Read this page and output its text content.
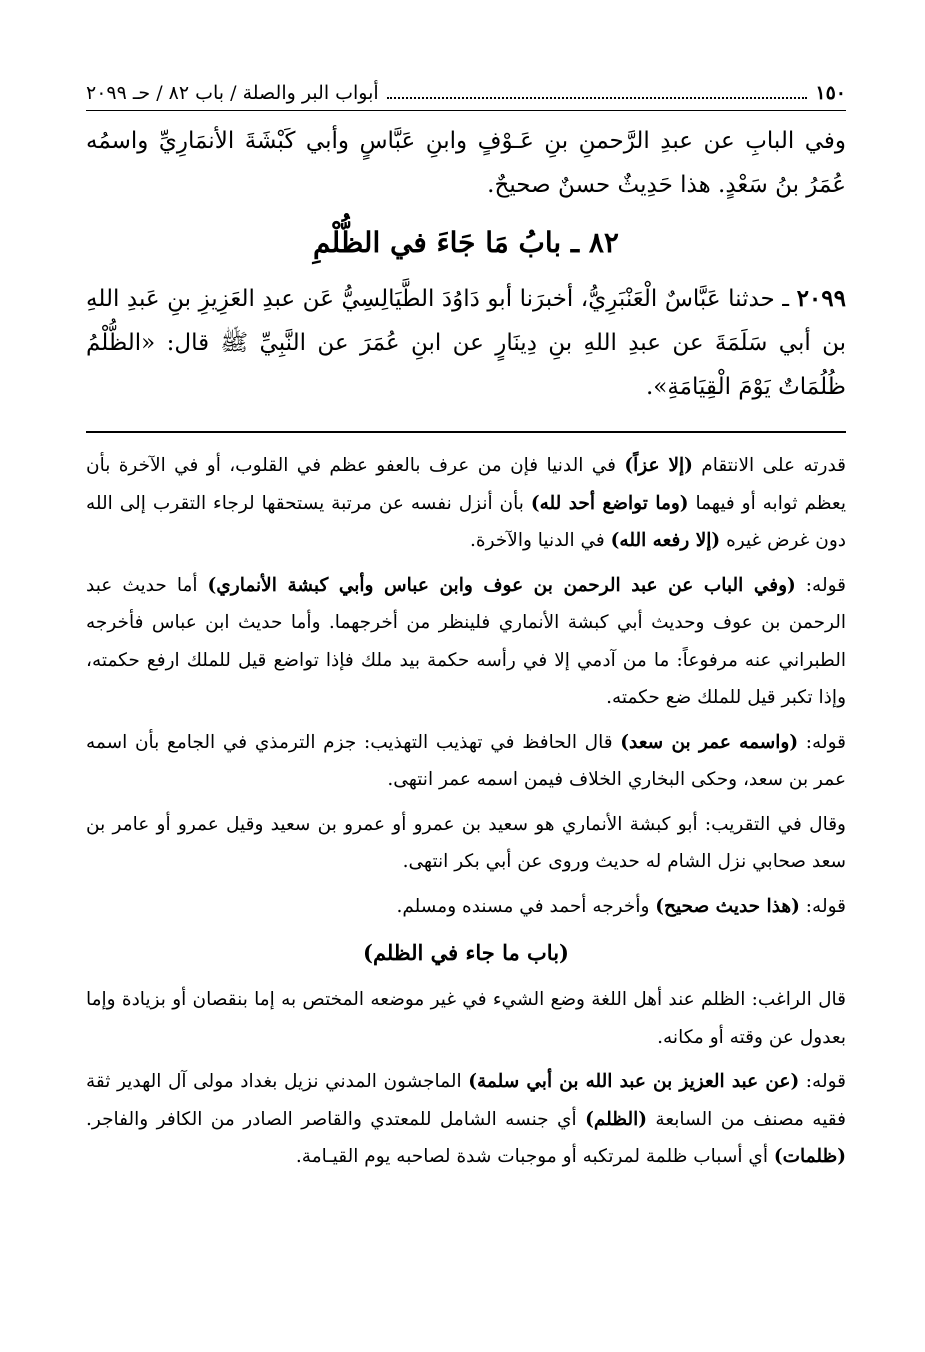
١٥٠
أبواب البر والصلة / باب ٨٢ / حـ ٢٠٩٩

وفي البابِ عن عبدِ الرَّحمنِ بنِ عَـوْفٍ وابنِ عَبَّاسٍ وأبي كَبْشَةَ الأنمَارِيِّ واسمُه عُمَرُ بنُ سَعْدٍ. هذا حَدِيثٌ حسنٌ صحيحٌ.

٨٢ ـ بابُ مَا جَاءَ في الظُّلْمِ

٢٠٩٩ ـ حدثنا عَبَّاسٌ الْعَنْبَرِيُّ، أخبرَنا أبو دَاوُدَ الطَّيَالِسِيُّ عَن عبدِ العَزِيزِ بنِ عَبدِ اللهِ بن أبي سَلَمَةَ عن عبدِ اللهِ بنِ دِينَارٍ عن ابنِ عُمَرَ عن النَّبِيِّ ﷺ قال: «الظُّلْمُ ظُلُمَاتٌ يَوْمَ الْقِيَامَةِ».

قدرته على الانتقام (إلا عزاً) في الدنيا فإن من عرف بالعفو عظم في القلوب، أو في الآخرة بأن يعظم ثوابه أو فيهما (وما تواضع أحد لله) بأن أنزل نفسه عن مرتبة يستحقها لرجاء التقرب إلى الله دون غرض غيره (إلا رفعه الله) في الدنيا والآخرة.

قوله: (وفي الباب عن عبد الرحمن بن عوف وابن عباس وأبي كبشة الأنماري) أما حديث عبد الرحمن بن عوف وحديث أبي كبشة الأنماري فلينظر من أخرجهما. وأما حديث ابن عباس فأخرجه الطبراني عنه مرفوعاً: ما من آدمي إلا في رأسه حكمة بيد ملك فإذا تواضع قيل للملك ارفع حكمته، وإذا تكبر قيل للملك ضع حكمته.

قوله: (واسمه عمر بن سعد) قال الحافظ في تهذيب التهذيب: جزم الترمذي في الجامع بأن اسمه عمر بن سعد، وحكى البخاري الخلاف فيمن اسمه عمر انتهى.

وقال في التقريب: أبو كبشة الأنماري هو سعيد بن عمرو أو عمرو بن سعيد وقيل عمرو أو عامر بن سعد صحابي نزل الشام له حديث وروى عن أبي بكر انتهى.

قوله: (هذا حديث صحيح) وأخرجه أحمد في مسنده ومسلم.

(باب ما جاء في الظلم)

قال الراغب: الظلم عند أهل اللغة وضع الشيء في غير موضعه المختص به إما بنقصان أو بزيادة وإما بعدول عن وقته أو مكانه.

قوله: (عن عبد العزيز بن عبد الله بن أبي سلمة) الماجشون المدني نزيل بغداد مولى آل الهدير ثقة فقيه مصنف من السابعة (الظلم) أي جنسه الشامل للمعتدي والقاصر الصادر من الكافر والفاجر. (ظلمات) أي أسباب ظلمة لمرتكبه أو موجبات شدة لصاحبه يوم القيـامة.
